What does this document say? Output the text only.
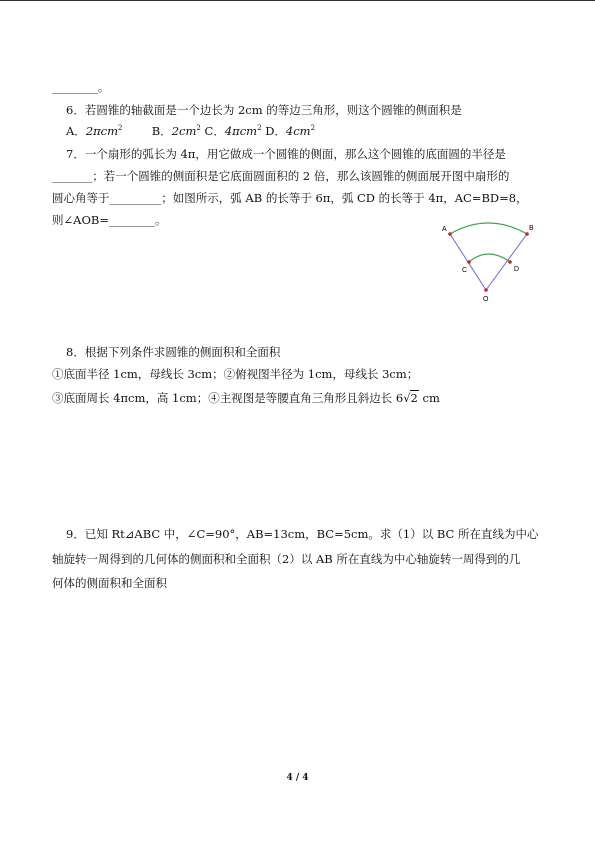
________。
6．若圆锥的轴截面是一个边长为 2cm 的等边三角形，则这个圆锥的侧面积是
A．2πcm$^2$	B．$2cm^2$ C．4πcm$^2$ D．$4cm^2$
7．一个扇形的弧长为 4π，用它做成一个圆锥的侧面，那么这个圆锥的底面圆的半径是
_______；若一个圆锥的侧面积是它底面圆面积的 2 倍，那么该圆锥的侧面展开图中扇形的
圆心角等于_________；如图所示，弧 AB 的长等于 6π，弧 CD 的长等于 4π，AC=BD=8，
则∠AOB=________。
A	B
C	D
O
8．根据下列条件求圆锥的侧面积和全面积
①底面半径 1cm，母线长 3cm；②俯视图半径为 1cm，母线长 3cm；
③底面周长 4πcm，高 1cm；④主视图是等腰直角三角形且斜边长 6√2 cm
9．已知 Rt⊿ABC 中，∠C=90°，AB=13cm，BC=5cm。求（1）以 BC 所在直线为中心
轴旋转一周得到的几何体的侧面积和全面积（2）以 AB 所在直线为中心轴旋转一周得到的几
何体的侧面积和全面积
4 / 4
